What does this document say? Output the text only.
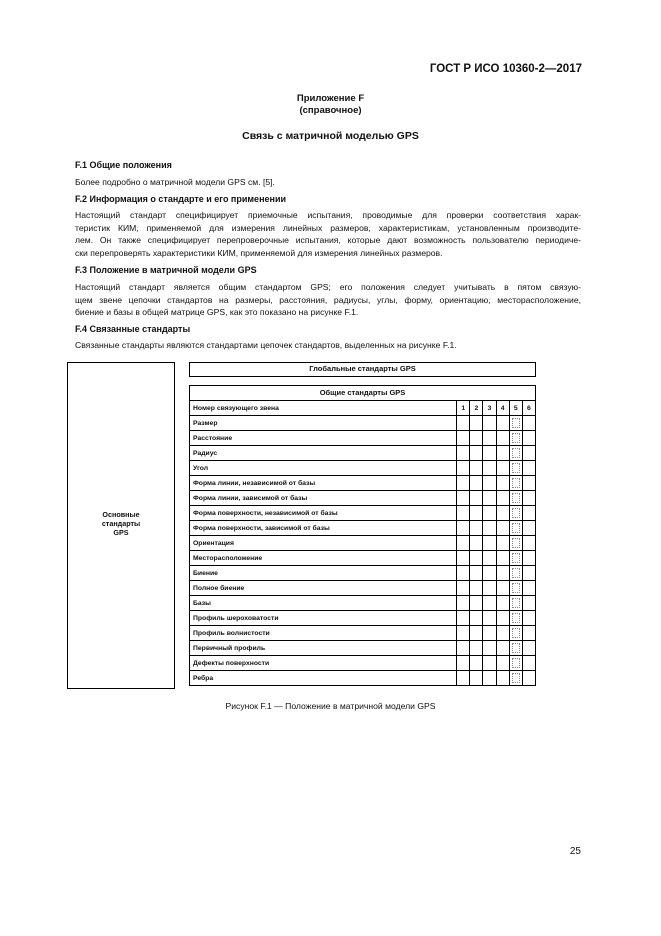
ГОСТ Р ИСО 10360-2—2017
Приложение F
(справочное)
Связь с матричной моделью GPS
F.1 Общие положения
Более подробно о матричной модели GPS см. [5].
F.2 Информация о стандарте и его применении
Настоящий стандарт специфицирует приемочные испытания, проводимые для проверки соответствия харак-
теристик КИМ, применяемой для измерения линейных размеров, характеристикам, установленным производите-
лем. Он также специфицирует перепроверочные испытания, которые дают возможность пользователю периодиче-
ски перепроверять характеристики КИМ, применяемой для измерения линейных размеров.
F.3 Положение в матричной модели GPS
Настоящий стандарт является общим стандартом GPS; его положения следует учитывать в пятом связую-
щем звене цепочки стандартов на размеры, расстояния, радиусы, углы, форму, ориентацию, месторасположение,
биение и базы в общей матрице GPS, как это показано на рисунке F.1.
F.4 Связанные стандарты
Связанные стандарты являются стандартами цепочек стандартов, выделенных на рисунке F.1.
Основные
стандарты
GPS
Глобальные стандарты GPS
Общие стандарты GPS
Номер связующего звена	1	2	3	4	5	6
Размер						
Расстояние						
Радиус						
Угол						
Форма линии, независимой от базы						
Форма линии, зависимой от базы						
Форма поверхности, независимой от базы						
Форма поверхности, зависимой от базы						
Ориентация						
Месторасположение						
Биение						
Полное биение						
Базы						
Профиль шероховатости						
Профиль волнистости						
Первичный профиль						
Дефекты поверхности						
Ребра						
Рисунок F.1 — Положение в матричной модели GPS
25
